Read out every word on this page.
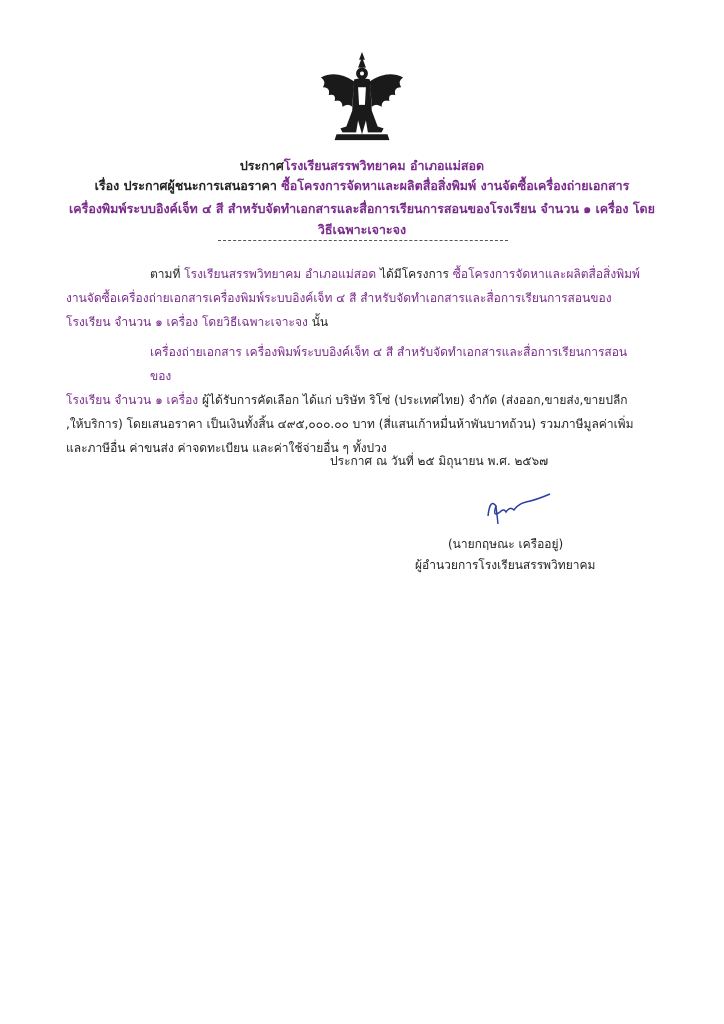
ประกาศโรงเรียนสรรพวิทยาคม อำเภอแม่สอด
เรื่อง ประกาศผู้ชนะการเสนอราคา ซื้อโครงการจัดหาและผลิตสื่อสิ่งพิมพ์ งานจัดซื้อเครื่องถ่ายเอกสาร
เครื่องพิมพ์ระบบอิงค์เจ็ท ๔ สี สำหรับจัดทำเอกสารและสื่อการเรียนการสอนของโรงเรียน จำนวน ๑ เครื่อง โดย
วิธีเฉพาะเจาะจง
ตามที่ โรงเรียนสรรพวิทยาคม อำเภอแม่สอด ได้มีโครงการ ซื้อโครงการจัดหาและผลิตสื่อสิ่งพิมพ์
งานจัดซื้อเครื่องถ่ายเอกสารเครื่องพิมพ์ระบบอิงค์เจ็ท ๔ สี สำหรับจัดทำเอกสารและสื่อการเรียนการสอนของ
โรงเรียน จำนวน ๑ เครื่อง โดยวิธีเฉพาะเจาะจง นั้น
เครื่องถ่ายเอกสาร เครื่องพิมพ์ระบบอิงค์เจ็ท ๔ สี สำหรับจัดทำเอกสารและสื่อการเรียนการสอนของ
โรงเรียน จำนวน ๑ เครื่อง ผู้ได้รับการคัดเลือก ได้แก่ บริษัท ริโซ่ (ประเทศไทย) จำกัด (ส่งออก,ขายส่ง,ขายปลีก
,ให้บริการ) โดยเสนอราคา เป็นเงินทั้งสิ้น ๔๙๕,๐๐๐.๐๐ บาท (สี่แสนเก้าหมื่นห้าพันบาทถ้วน) รวมภาษีมูลค่าเพิ่ม
และภาษีอื่น ค่าขนส่ง ค่าจดทะเบียน และค่าใช้จ่ายอื่น ๆ ทั้งปวง
ประกาศ ณ วันที่ ๒๕ มิถุนายน พ.ศ. ๒๕๖๗
(นายกฤษณะ เครืออยู่)
ผู้อำนวยการโรงเรียนสรรพวิทยาคม
